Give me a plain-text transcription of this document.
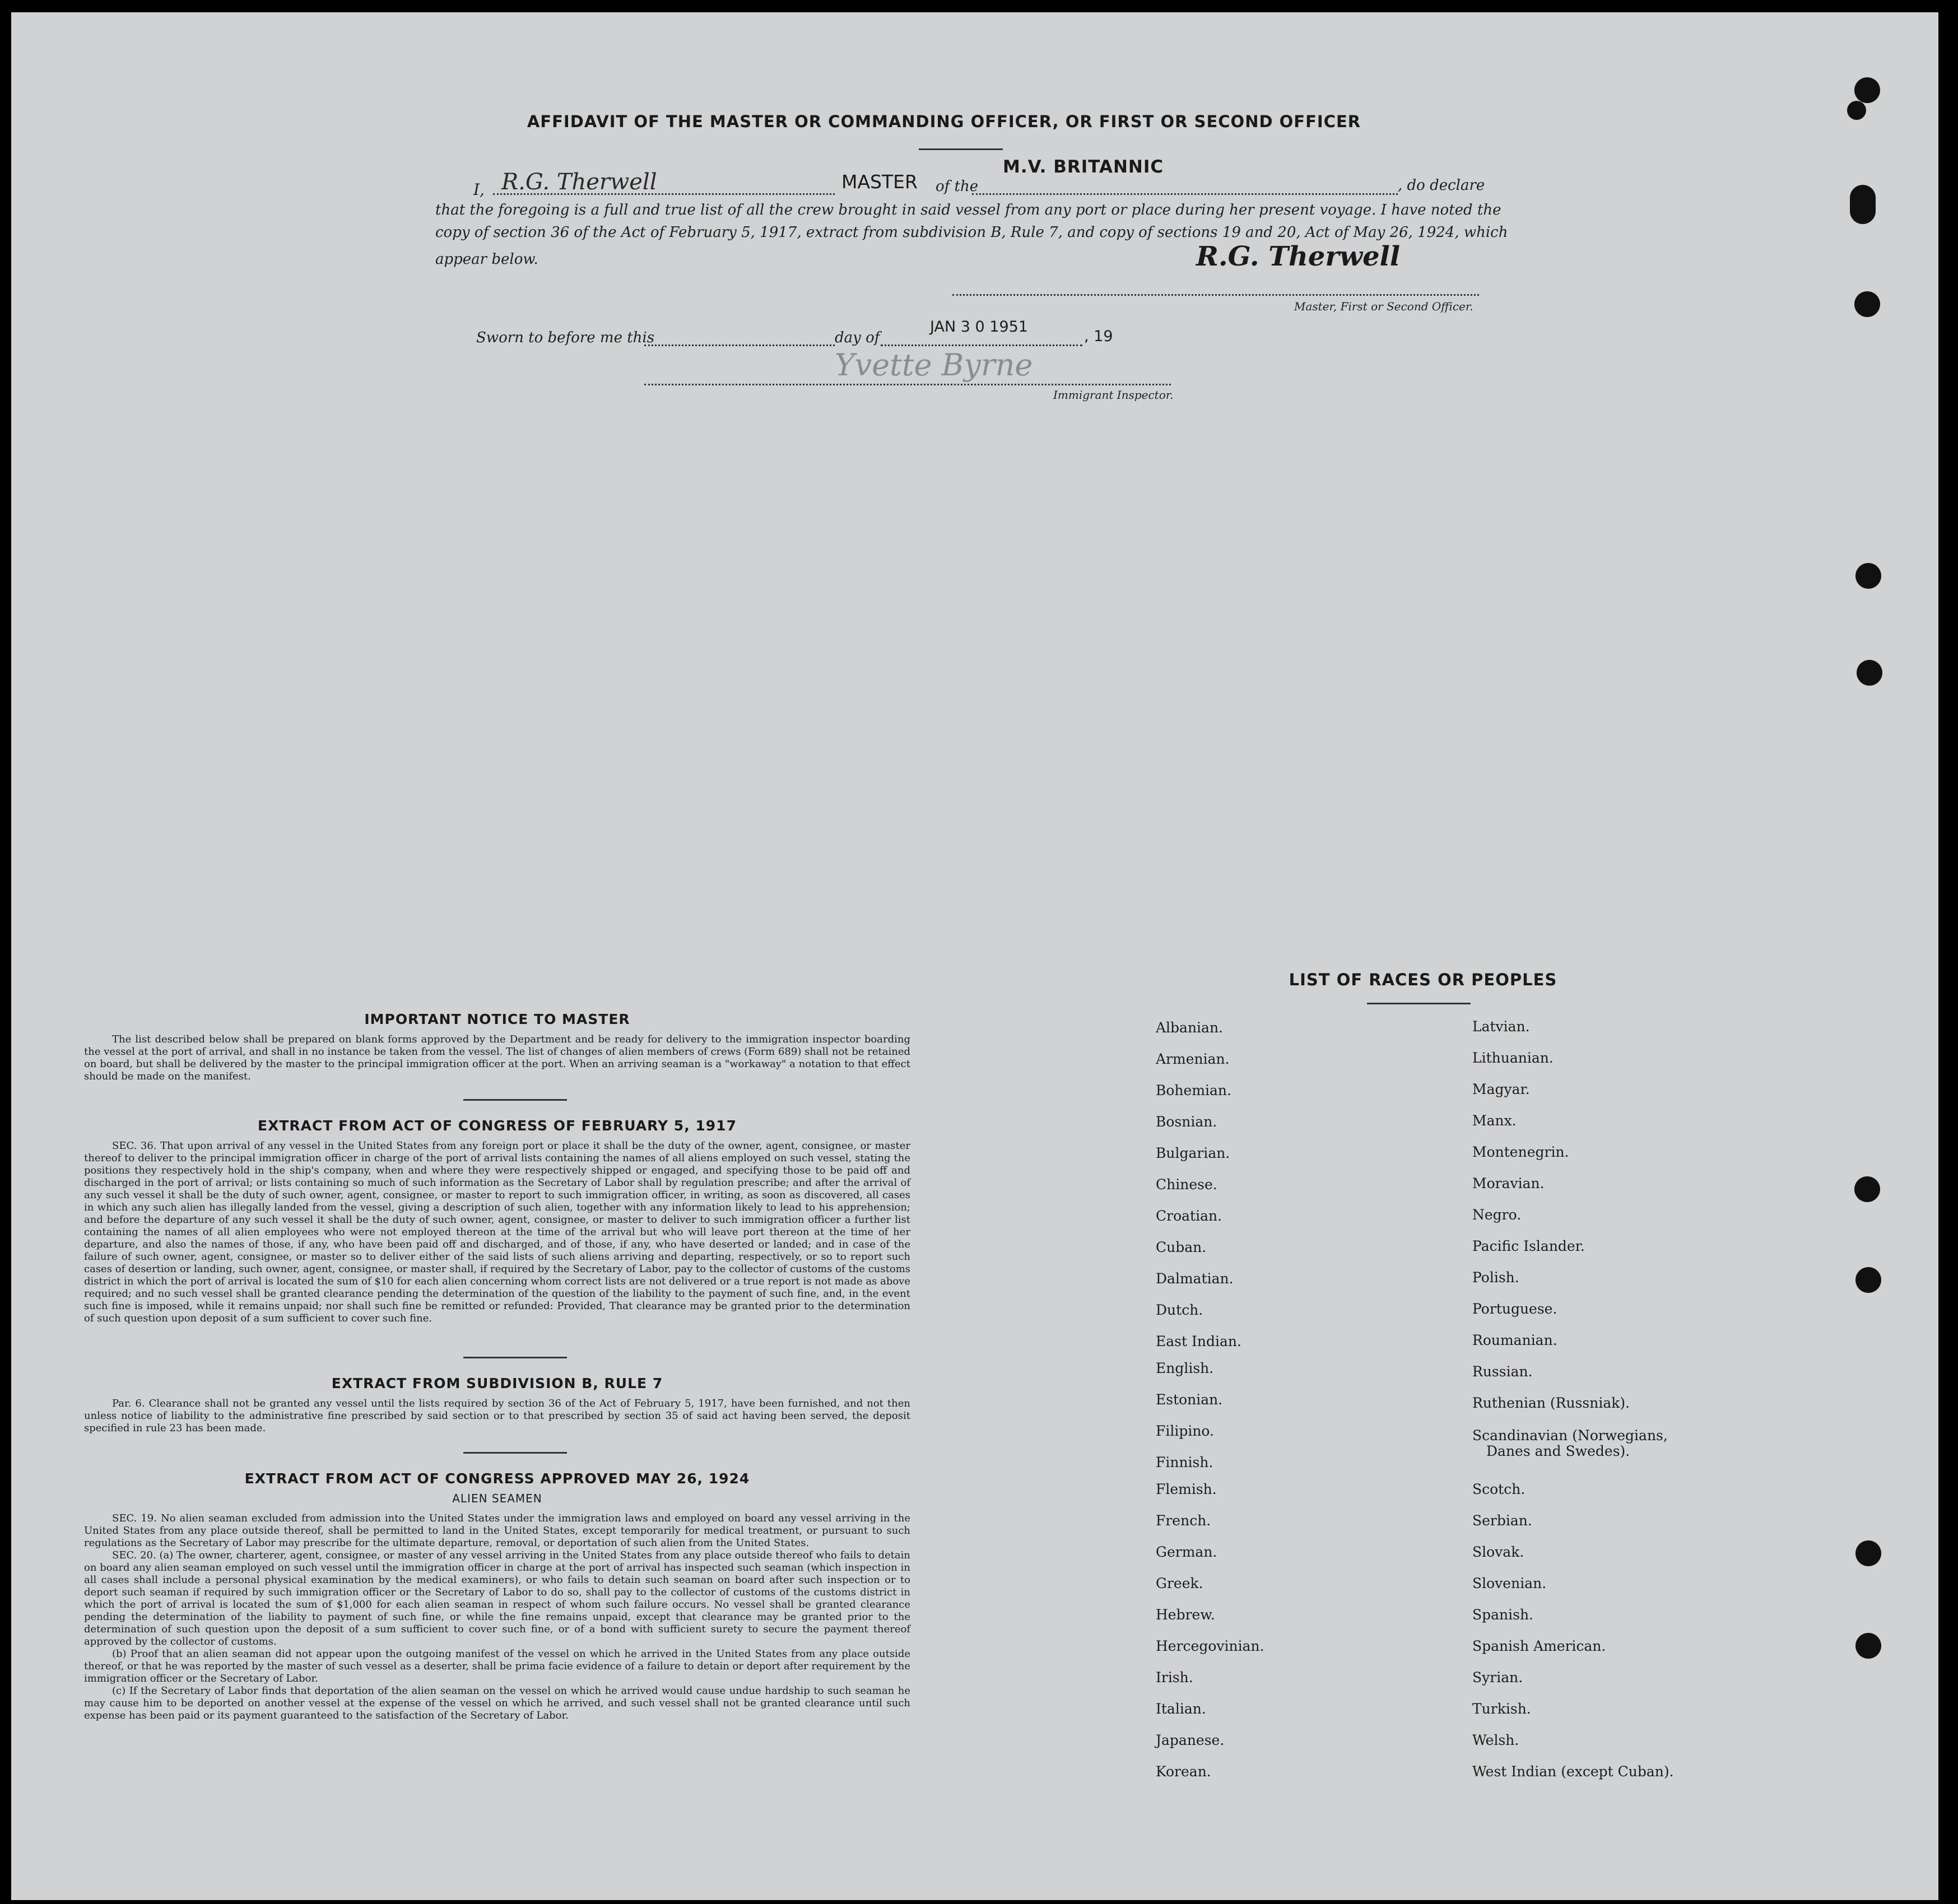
AFFIDAVIT OF THE MASTER OR COMMANDING OFFICER, OR FIRST OR SECOND OFFICER
I, R.G. Therwell	MASTER of the
M.V. BRITANNIC
, do declare
that the foregoing is a full and true list of all the crew brought in said vessel from any port or place during her present voyage. I have noted the
copy of section 36 of the Act of February 5, 1917, extract from subdivision B, Rule 7, and copy of sections 19 and 20, Act of May 26, 1924, which
appear below.	R.G. Therwell
Master, First or Second Officer.
Sworn to before me this	day of
JAN 3 0 1951
, 19
Yvette Byrne
Immigrant Inspector.
IMPORTANT NOTICE TO MASTER

The list described below shall be prepared on blank forms approved by the Department and be ready for delivery to the immigration inspector boarding the vessel at the port of arrival, and shall in no instance be taken from the vessel. The list of changes of alien members of crews (Form 689) shall not be retained on board, but shall be delivered by the master to the principal immigration officer at the port. When an arriving seaman is a "workaway" a notation to that effect should be made on the manifest.

EXTRACT FROM ACT OF CONGRESS OF FEBRUARY 5, 1917

SEC. 36. That upon arrival of any vessel in the United States from any foreign port or place it shall be the duty of the owner, agent, consignee, or master thereof to deliver to the principal immigration officer in charge of the port of arrival lists containing the names of all aliens employed on such vessel, stating the positions they respectively hold in the ship's company, when and where they were respectively shipped or engaged, and specifying those to be paid off and discharged in the port of arrival; or lists containing so much of such information as the Secretary of Labor shall by regulation prescribe; and after the arrival of any such vessel it shall be the duty of such owner, agent, consignee, or master to report to such immigration officer, in writing, as soon as discovered, all cases in which any such alien has illegally landed from the vessel, giving a description of such alien, together with any information likely to lead to his apprehension; and before the departure of any such vessel it shall be the duty of such owner, agent, consignee, or master to deliver to such immigration officer a further list containing the names of all alien employees who were not employed thereon at the time of the arrival but who will leave port thereon at the time of her departure, and also the names of those, if any, who have been paid off and discharged, and of those, if any, who have deserted or landed; and in case of the failure of such owner, agent, consignee, or master so to deliver either of the said lists of such aliens arriving and departing, respectively, or so to report such cases of desertion or landing, such owner, agent, consignee, or master shall, if required by the Secretary of Labor, pay to the collector of customs of the customs district in which the port of arrival is located the sum of $10 for each alien concerning whom correct lists are not delivered or a true report is not made as above required; and no such vessel shall be granted clearance pending the determination of the question of the liability to the payment of such fine, and, in the event such fine is imposed, while it remains unpaid; nor shall such fine be remitted or refunded: Provided, That clearance may be granted prior to the determination of such question upon deposit of a sum sufficient to cover such fine.

EXTRACT FROM SUBDIVISION B, RULE 7

Par. 6. Clearance shall not be granted any vessel until the lists required by section 36 of the Act of February 5, 1917, have been furnished, and not then unless notice of liability to the administrative fine prescribed by said section or to that prescribed by section 35 of said act having been served, the deposit specified in rule 23 has been made.

EXTRACT FROM ACT OF CONGRESS APPROVED MAY 26, 1924
ALIEN SEAMEN

SEC. 19. No alien seaman excluded from admission into the United States under the immigration laws and employed on board any vessel arriving in the United States from any place outside thereof, shall be permitted to land in the United States, except temporarily for medical treatment, or pursuant to such regulations as the Secretary of Labor may prescribe for the ultimate departure, removal, or deportation of such alien from the United States.

SEC. 20. (a) The owner, charterer, agent, consignee, or master of any vessel arriving in the United States from any place outside thereof who fails to detain on board any alien seaman employed on such vessel until the immigration officer in charge at the port of arrival has inspected such seaman (which inspection in all cases shall include a personal physical examination by the medical examiners), or who fails to detain such seaman on board after such inspection or to deport such seaman if required by such immigration officer or the Secretary of Labor to do so, shall pay to the collector of customs of the customs district in which the port of arrival is located the sum of $1,000 for each alien seaman in respect of whom such failure occurs. No vessel shall be granted clearance pending the determination of the liability to payment of such fine, or while the fine remains unpaid, except that clearance may be granted prior to the determination of such question upon the deposit of a sum sufficient to cover such fine, or of a bond with sufficient surety to secure the payment thereof approved by the collector of customs.

(b) Proof that an alien seaman did not appear upon the outgoing manifest of the vessel on which he arrived in the United States from any place outside thereof, or that he was reported by the master of such vessel as a deserter, shall be prima facie evidence of a failure to detain or deport after requirement by the immigration officer or the Secretary of Labor.

(c) If the Secretary of Labor finds that deportation of the alien seaman on the vessel on which he arrived would cause undue hardship to such seaman he may cause him to be deported on another vessel at the expense of the vessel on which he arrived, and such vessel shall not be granted clearance until such expense has been paid or its payment guaranteed to the satisfaction of the Secretary of Labor.

LIST OF RACES OR PEOPLES
Albanian.
Armenian.
Bohemian.
Bosnian.
Bulgarian.
Chinese.
Croatian.
Cuban.
Dalmatian.
Dutch.
East Indian.
English.
Estonian.
Filipino.
Finnish.
Flemish.
French.
German.
Greek.
Hebrew.
Hercegovinian.
Irish.
Italian.
Japanese.
Korean.
Latvian.
Lithuanian.
Magyar.
Manx.
Montenegrin.
Moravian.
Negro.
Pacific Islander.
Polish.
Portuguese.
Roumanian.
Russian.
Ruthenian (Russniak).
Scandinavian (Norwegians,
Danes and Swedes).
Scotch.
Serbian.
Slovak.
Slovenian.
Spanish.
Spanish American.
Syrian.
Turkish.
Welsh.
West Indian (except Cuban).
